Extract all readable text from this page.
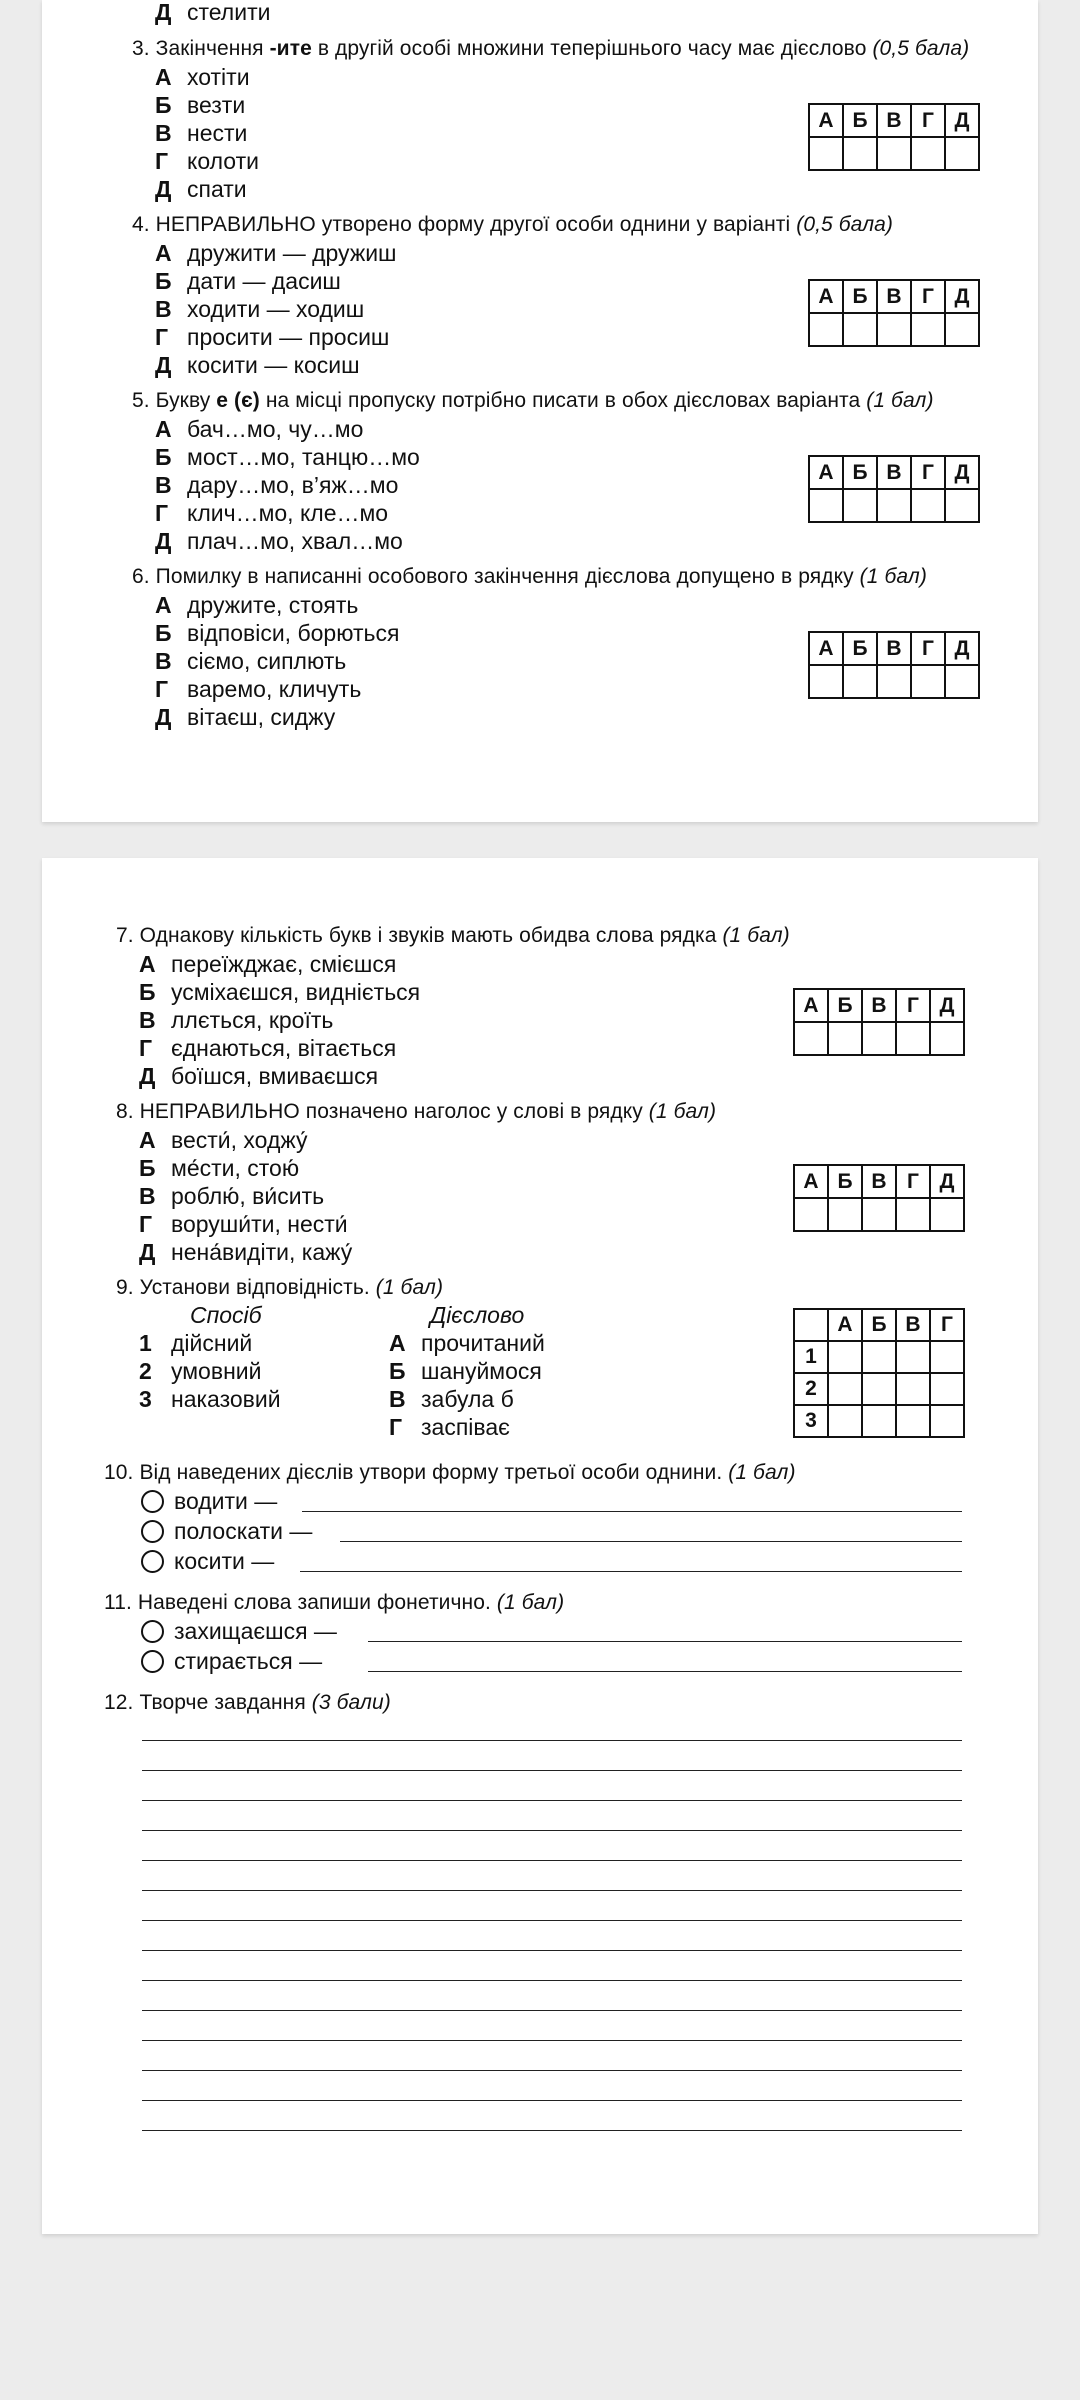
Д стелити
3. Закінчення -ите в другій особі множини теперішнього часу має дієслово (0,5 бала)
А хотіти
Б везти
В нести
Г колоти
Д спати
А	Б	В	Г	Д

4. НЕПРАВИЛЬНО утворено форму другої особи однини у варіанті (0,5 бала)
А дружити — дружиш
Б дати — дасиш
В ходити — ходиш
Г просити — просиш
Д косити — косиш
А	Б	В	Г	Д

5. Букву е (є) на місці пропуску потрібно писати в обох дієсловах варіанта (1 бал)
А бач…мо, чу…мо
Б мост…мо, танцю…мо
В дару…мо, в’яж…мо
Г клич…мо, кле…мо
Д плач…мо, хвал…мо
А	Б	В	Г	Д

6. Помилку в написанні особового закінчення дієслова допущено в рядку (1 бал)
А дружите, стоять
Б відповіси, борються
В сіємо, сиплють
Г варемо, кличуть
Д вітаєш, сиджу
А	Б	В	Г	Д

7. Однакову кількість букв і звуків мають обидва слова рядка (1 бал)
А переїжджає, смієшся
Б усміхаєшся, видніється
В ллється, кроїть
Г єднаються, вітається
Д боїшся, вмиваєшся
А	Б	В	Г	Д

8. НЕПРАВИЛЬНО позначено наголос у слові в рядку (1 бал)
А вести́, ходжу́
Б ме́сти, стою́
В роблю́, ви́сить
Г воруши́ти, нести́
Д нена́видіти, кажу́
А	Б	В	Г	Д

9. Установи відповідність. (1 бал)
Спосіб	Дієслово
1 дійсний
2 умовний
3 наказовий
А прочитаний
Б шануймося
В забула б
Г заспіває
	А	Б	В	Г
1				
2				
3				
10. Від наведених дієслів утвори форму третьої особи однини. (1 бал)
водити —
полоскати —
косити —
11. Наведені слова запиши фонетично. (1 бал)
захищаєшся —
стирається —
12. Творче завдання (3 бали)
